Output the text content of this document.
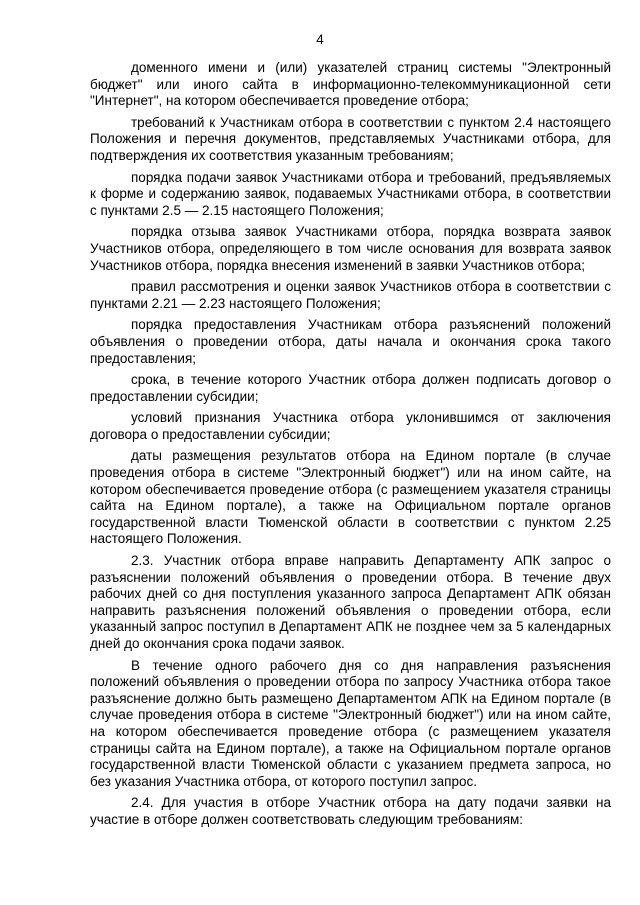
4

доменного имени и (или) указателей страниц системы "Электронный бюджет" или иного сайта в информационно-телекоммуникационной сети "Интернет", на котором обеспечивается проведение отбора;

требований к Участникам отбора в соответствии с пунктом 2.4 настоящего Положения и перечня документов, представляемых Участниками отбора, для подтверждения их соответствия указанным требованиям;

порядка подачи заявок Участниками отбора и требований, предъявляемых к форме и содержанию заявок, подаваемых Участниками отбора, в соответствии с пунктами 2.5 — 2.15 настоящего Положения;

порядка отзыва заявок Участниками отбора, порядка возврата заявок Участников отбора, определяющего в том числе основания для возврата заявок Участников отбора, порядка внесения изменений в заявки Участников отбора;

правил рассмотрения и оценки заявок Участников отбора в соответствии с пунктами 2.21 — 2.23 настоящего Положения;

порядка предоставления Участникам отбора разъяснений положений объявления о проведении отбора, даты начала и окончания срока такого предоставления;

срока, в течение которого Участник отбора должен подписать договор о предоставлении субсидии;

условий признания Участника отбора уклонившимся от заключения договора о предоставлении субсидии;

даты размещения результатов отбора на Едином портале (в случае проведения отбора в системе "Электронный бюджет") или на ином сайте, на котором обеспечивается проведение отбора (с размещением указателя страницы сайта на Едином портале), а также на Официальном портале органов государственной власти Тюменской области в соответствии с пунктом 2.25 настоящего Положения.

2.3. Участник отбора вправе направить Департаменту АПК запрос о разъяснении положений объявления о проведении отбора. В течение двух рабочих дней со дня поступления указанного запроса Департамент АПК обязан направить разъяснения положений объявления о проведении отбора, если указанный запрос поступил в Департамент АПК не позднее чем за 5 календарных дней до окончания срока подачи заявок.

В течение одного рабочего дня со дня направления разъяснения положений объявления о проведении отбора по запросу Участника отбора такое разъяснение должно быть размещено Департаментом АПК на Едином портале (в случае проведения отбора в системе "Электронный бюджет") или на ином сайте, на котором обеспечивается проведение отбора (с размещением указателя страницы сайта на Едином портале), а также на Официальном портале органов государственной власти Тюменской области с указанием предмета запроса, но без указания Участника отбора, от которого поступил запрос.

2.4. Для участия в отборе Участник отбора на дату подачи заявки на участие в отборе должен соответствовать следующим требованиям:
